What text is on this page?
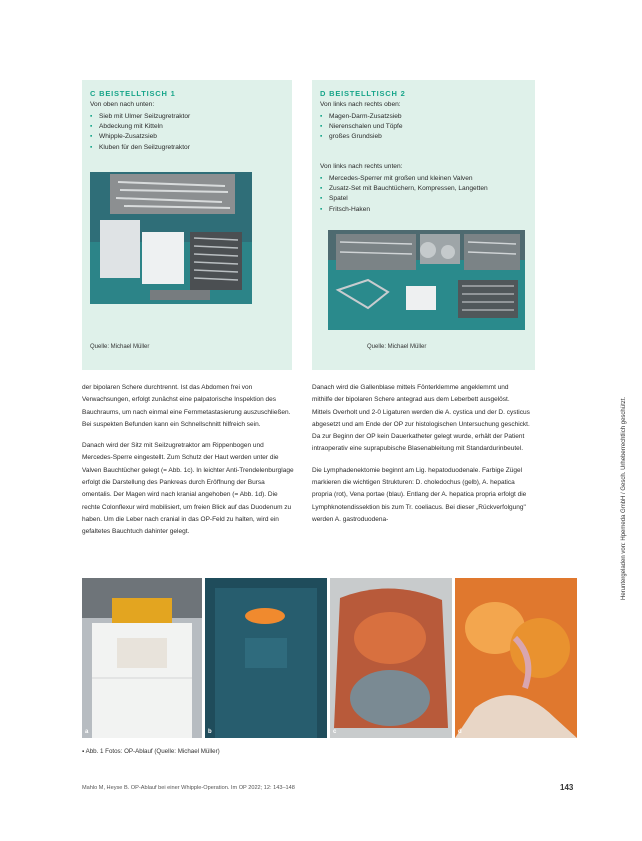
C BEISTELLTISCH 1
Von oben nach unten:
▪ Sieb mit Ulmer Seilzugretraktor
▪ Abdeckung mit Kitteln
▪ Whipple-Zusatzsieb
▪ Kluben für den Seilzugretraktor
Quelle: Michael Müller
D BEISTELLTISCH 2
Von links nach rechts oben:
▪ Magen-Darm-Zusatzsieb
▪ Nierenschalen und Töpfe
▪ großes Grundsieb
Von links nach rechts unten:
▪ Mercedes-Sperrer mit großen und kleinen Valven
▪ Zusatz-Set mit Bauchtüchern, Kompressen, Langetten
▪ Spatel
▪ Fritsch-Haken
Quelle: Michael Müller

der bipolaren Schere durchtrennt. Ist das Abdomen frei von Verwachsungen, erfolgt zunächst eine palpatorische Inspektion des Bauchraums, um nach einmal eine Fernmetastasierung auszuschließen. Bei suspekten Befunden kann ein Schnellschnitt hilfreich sein.

Danach wird der Sitz mit Seilzugretraktor am Rippenbogen und Mercedes-Sperre eingestellt. Zum Schutz der Haut werden unter die Valven Bauchtücher gelegt (= Abb. 1c). In leichter Anti-Trendelenburglage erfolgt die Darstellung des Pankreas durch Eröffnung der Bursa omentalis. Der Magen wird nach kranial angehoben (= Abb. 1d). Die rechte Colonflexur wird mobilisiert, um freien Blick auf das Duodenum zu haben. Um die Leber nach cranial in das OP-Feld zu halten, wird ein gefaltetes Bauchtuch dahinter gelegt.

Danach wird die Gallenblase mittels Fönterklemme angeklemmt und mithilfe der bipolaren Schere antegrad aus dem Leberbett ausgelöst. Mittels Overholt und 2-0 Ligaturen werden die A. cystica und der D. cysticus abgesetzt und am Ende der OP zur histologischen Untersuchung geschickt. Da zur Beginn der OP kein Dauerkatheter gelegt wurde, erhält der Patient intraoperativ eine suprapubische Blasenableitung mit Standardurinbeutel.

Die Lymphadenektomie beginnt am Lig. hepatoduodenale. Farbige Zügel markieren die wichtigen Strukturen: D. choledochus (gelb), A. hepatica propria (rot), Vena portae (blau). Entlang der A. hepatica propria erfolgt die Lymphknotendissektion bis zum Tr. coeliacus. Bei dieser „Rückverfolgung" werden A. gastroduodena-	Heruntergeladen von: Hpemeda GmbH / Gesch. Urheberrechtlich geschützt.
a	b	c	d
▪ Abb. 1 Fotos: OP-Ablauf (Quelle: Michael Müller)
Mahlo M, Heyse B. OP-Ablauf bei einer Whipple-Operation. Im OP 2022; 12: 143–148	143
